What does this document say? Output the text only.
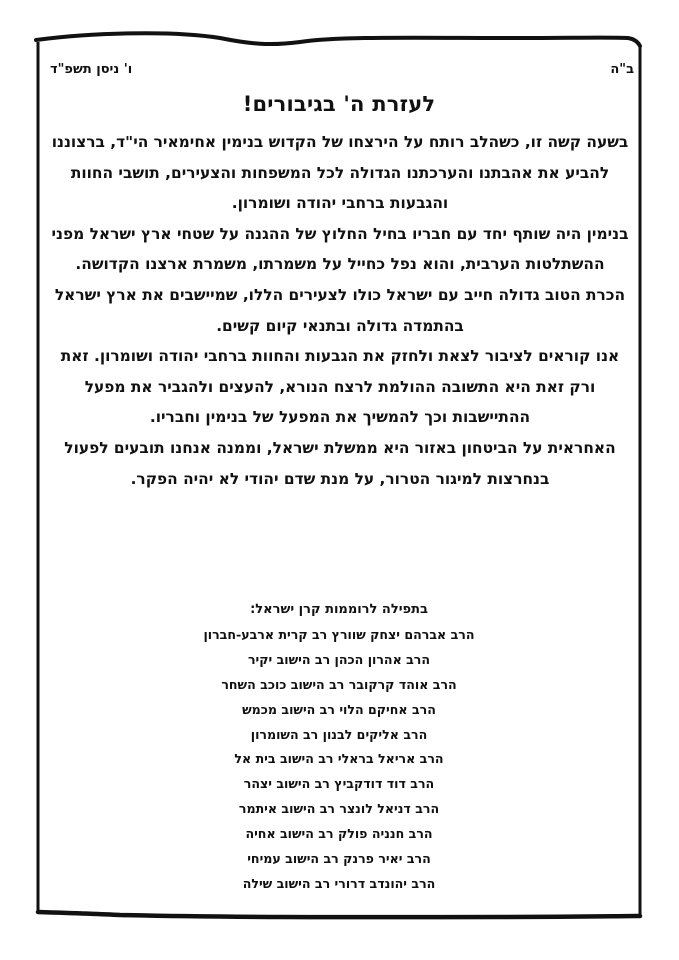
ב"ה
ו' ניסן תשפ"ד
לעזרת ה' בגיבורים!

בשעה קשה זו, כשהלב רותח על הירצחו של הקדוש בנימין אחימאיר הי"ד, ברצוננו להביע את אהבתנו והערכתנו הגדולה לכל המשפחות והצעירים, תושבי החוות והגבעות ברחבי יהודה ושומרון.

בנימין היה שותף יחד עם חבריו בחיל החלוץ של ההגנה על שטחי ארץ ישראל מפני ההשתלטות הערבית, והוא נפל כחייל על משמרתו, משמרת ארצנו הקדושה.

הכרת הטוב גדולה חייב עם ישראל כולו לצעירים הללו, שמיישבים את ארץ ישראל בהתמדה גדולה ובתנאי קיום קשים.

אנו קוראים לציבור לצאת ולחזק את הגבעות והחוות ברחבי יהודה ושומרון. זאת ורק זאת היא התשובה ההולמת לרצח הנורא, להעצים ולהגביר את מפעל ההתיישבות וכך להמשיך את המפעל של בנימין וחבריו.

האחראית על הביטחון באזור היא ממשלת ישראל, וממנה אנחנו תובעים לפעול בנחרצות למיגור הטרור, על מנת שדם יהודי לא יהיה הפקר.

בתפילה לרוממות קרן ישראל:
הרב אברהם יצחק שוורץ רב קרית ארבע-חברון
הרב אהרון הכהן רב הישוב יקיר
הרב אוהד קרקובר רב הישוב כוכב השחר
הרב אחיקם הלוי רב הישוב מכמש
הרב אליקים לבנון רב השומרון
הרב אריאל בראלי רב הישוב בית אל
הרב דוד דודקביץ רב הישוב יצהר
הרב דניאל לונצר רב הישוב איתמר
הרב חנניה פולק רב הישוב אחיה
הרב יאיר פרנק רב הישוב עמיחי
הרב יהונדב דרורי רב הישוב שילה
